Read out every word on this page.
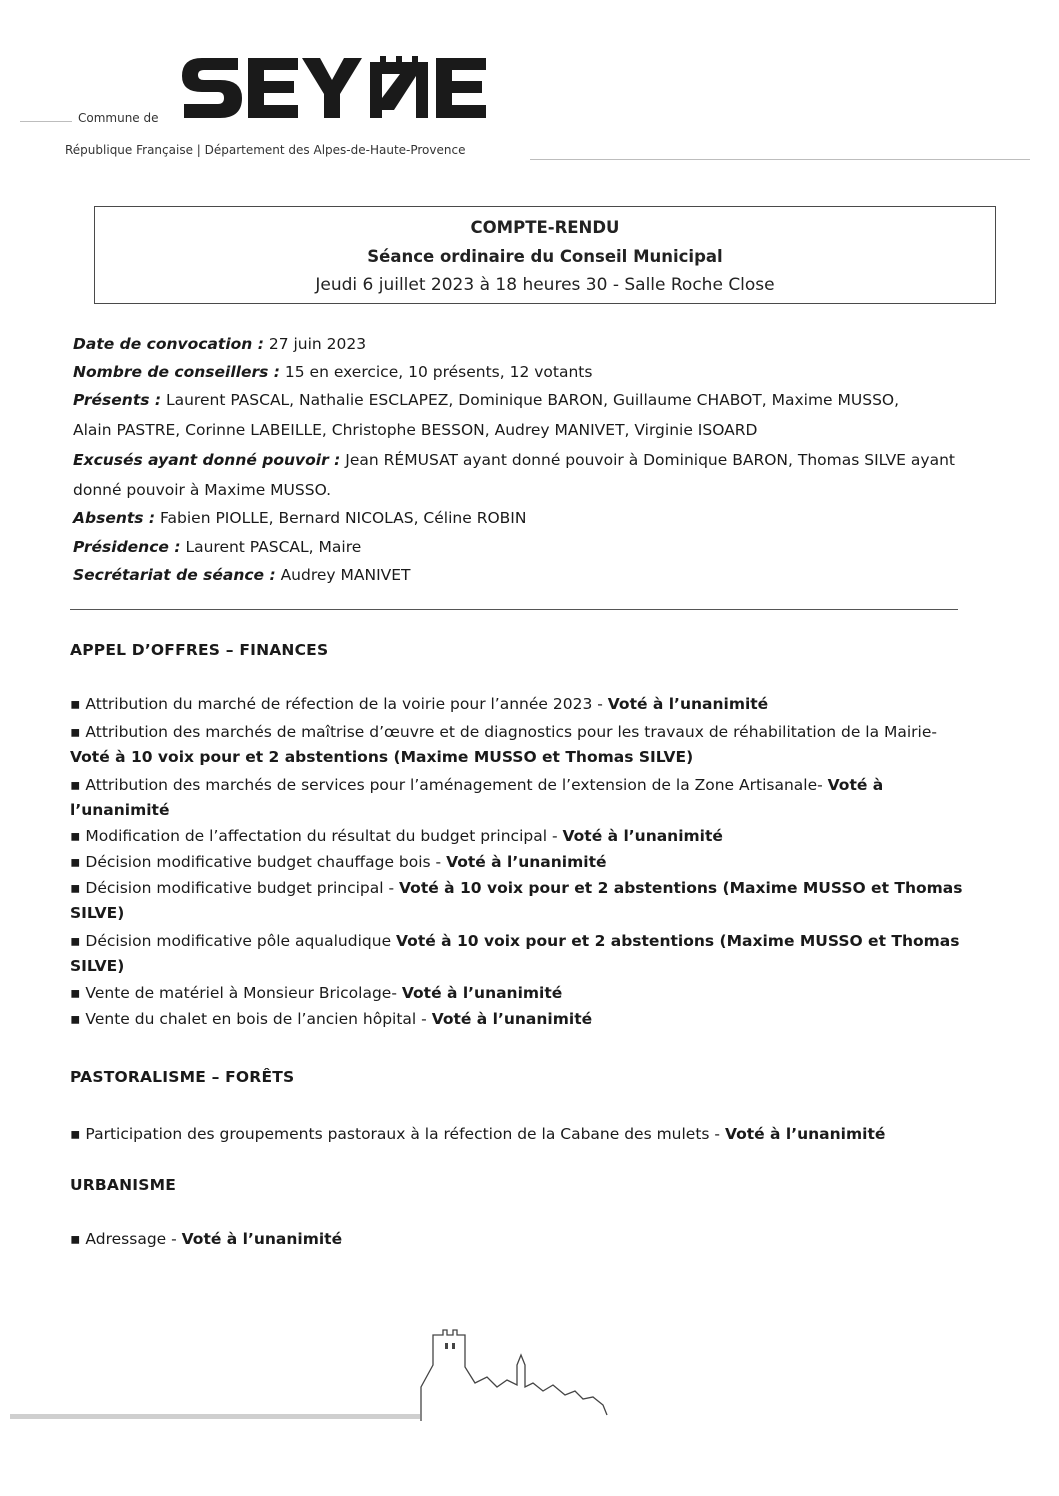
Commune de
République Française | Département des Alpes-de-Haute-Provence
COMPTE-RENDU
Séance ordinaire du Conseil Municipal
Jeudi 6 juillet 2023 à 18 heures 30 - Salle Roche Close
Date de convocation : 27 juin 2023
Nombre de conseillers : 15 en exercice, 10 présents, 12 votants
Présents : Laurent PASCAL, Nathalie ESCLAPEZ, Dominique BARON, Guillaume CHABOT, Maxime MUSSO,
Alain PASTRE, Corinne LABEILLE, Christophe BESSON, Audrey MANIVET, Virginie ISOARD
Excusés ayant donné pouvoir : Jean RÉMUSAT ayant donné pouvoir à Dominique BARON, Thomas SILVE ayant
donné pouvoir à Maxime MUSSO.
Absents : Fabien PIOLLE, Bernard NICOLAS, Céline ROBIN
Présidence : Laurent PASCAL, Maire
Secrétariat de séance : Audrey MANIVET
APPEL D’OFFRES – FINANCES
▪ Attribution du marché de réfection de la voirie pour l’année 2023 - Voté à l’unanimité
▪ Attribution des marchés de maîtrise d’œuvre et de diagnostics pour les travaux de réhabilitation de la Mairie- Voté à 10 voix pour et 2 abstentions (Maxime MUSSO et Thomas SILVE)
▪ Attribution des marchés de services pour l’aménagement de l’extension de la Zone Artisanale- Voté à l’unanimité
▪ Modification de l’affectation du résultat du budget principal - Voté à l’unanimité
▪ Décision modificative budget chauffage bois - Voté à l’unanimité
▪ Décision modificative budget principal - Voté à 10 voix pour et 2 abstentions (Maxime MUSSO et Thomas SILVE)
▪ Décision modificative pôle aqualudique Voté à 10 voix pour et 2 abstentions (Maxime MUSSO et Thomas SILVE)
▪ Vente de matériel à Monsieur Bricolage- Voté à l’unanimité
▪ Vente du chalet en bois de l’ancien hôpital - Voté à l’unanimité
PASTORALISME – FORÊTS
▪ Participation des groupements pastoraux à la réfection de la Cabane des mulets - Voté à l’unanimité
URBANISME
▪ Adressage - Voté à l’unanimité
